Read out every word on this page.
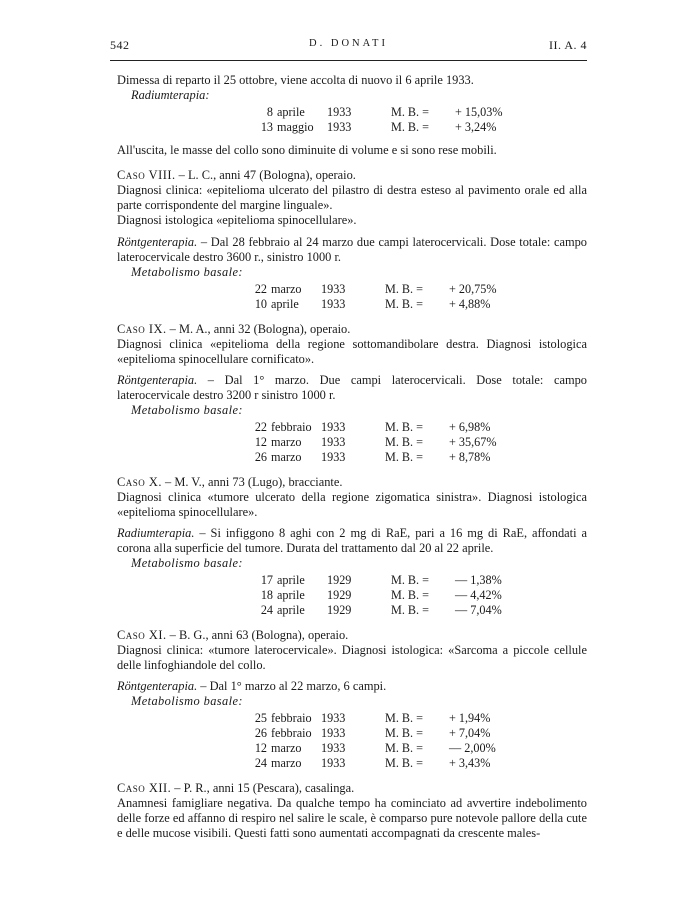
542	D. DONATI	II. A. 4

Dimessa di reparto il 25 ottobre, viene accolta di nuovo il 6 aprile 1933.

Radiumterapia:

8	aprile	1933	M. B. =	+ 15,03%
13	maggio	1933	M. B. =	+ 3,24%

All'uscita, le masse del collo sono diminuite di volume e si sono rese mobili.

Caso VIII. – L. C., anni 47 (Bologna), operaio.

Diagnosi clinica: «epitelioma ulcerato del pilastro di destra esteso al pavimento orale ed alla parte corrispondente del margine linguale».

Diagnosi istologica «epitelioma spinocellulare».

Röntgenterapia. – Dal 28 febbraio al 24 marzo due campi laterocervicali. Dose totale: campo laterocervicale destro 3600 r., sinistro 1000 r.

Metabolismo basale:

22	marzo	1933	M. B. =	+ 20,75%
10	aprile	1933	M. B. =	+ 4,88%

Caso IX. – M. A., anni 32 (Bologna), operaio.

Diagnosi clinica «epitelioma della regione sottomandibolare destra. Diagnosi istologica «epitelioma spinocellulare cornificato».

Röntgenterapia. – Dal 1° marzo. Due campi laterocervicali. Dose totale: campo laterocervicale destro 3200 r sinistro 1000 r.

Metabolismo basale:

22	febbraio	1933	M. B. =	+ 6,98%
12	marzo	1933	M. B. =	+ 35,67%
26	marzo	1933	M. B. =	+ 8,78%

Caso X. – M. V., anni 73 (Lugo), bracciante.

Diagnosi clinica «tumore ulcerato della regione zigomatica sinistra». Diagnosi istologica «epitelioma spinocellulare».

Radiumterapia. – Si infiggono 8 aghi con 2 mg di RaE, pari a 16 mg di RaE, affondati a corona alla superficie del tumore. Durata del trattamento dal 20 al 22 aprile.

Metabolismo basale:

17	aprile	1929	M. B. =	— 1,38%
18	aprile	1929	M. B. =	— 4,42%
24	aprile	1929	M. B. =	— 7,04%

Caso XI. – B. G., anni 63 (Bologna), operaio.

Diagnosi clinica: «tumore laterocervicale». Diagnosi istologica: «Sarcoma a piccole cellule delle linfoghiandole del collo.

Röntgenterapia. – Dal 1° marzo al 22 marzo, 6 campi.

Metabolismo basale:

25	febbraio	1933	M. B. =	+ 1,94%
26	febbraio	1933	M. B. =	+ 7,04%
12	marzo	1933	M. B. =	— 2,00%
24	marzo	1933	M. B. =	+ 3,43%

Caso XII. – P. R., anni 15 (Pescara), casalinga.

Anamnesi famigliare negativa. Da qualche tempo ha cominciato ad avvertire indebolimento delle forze ed affanno di respiro nel salire le scale, è comparso pure notevole pallore della cute e delle mucose visibili. Questi fatti sono aumentati accompagnati da crescente males-
